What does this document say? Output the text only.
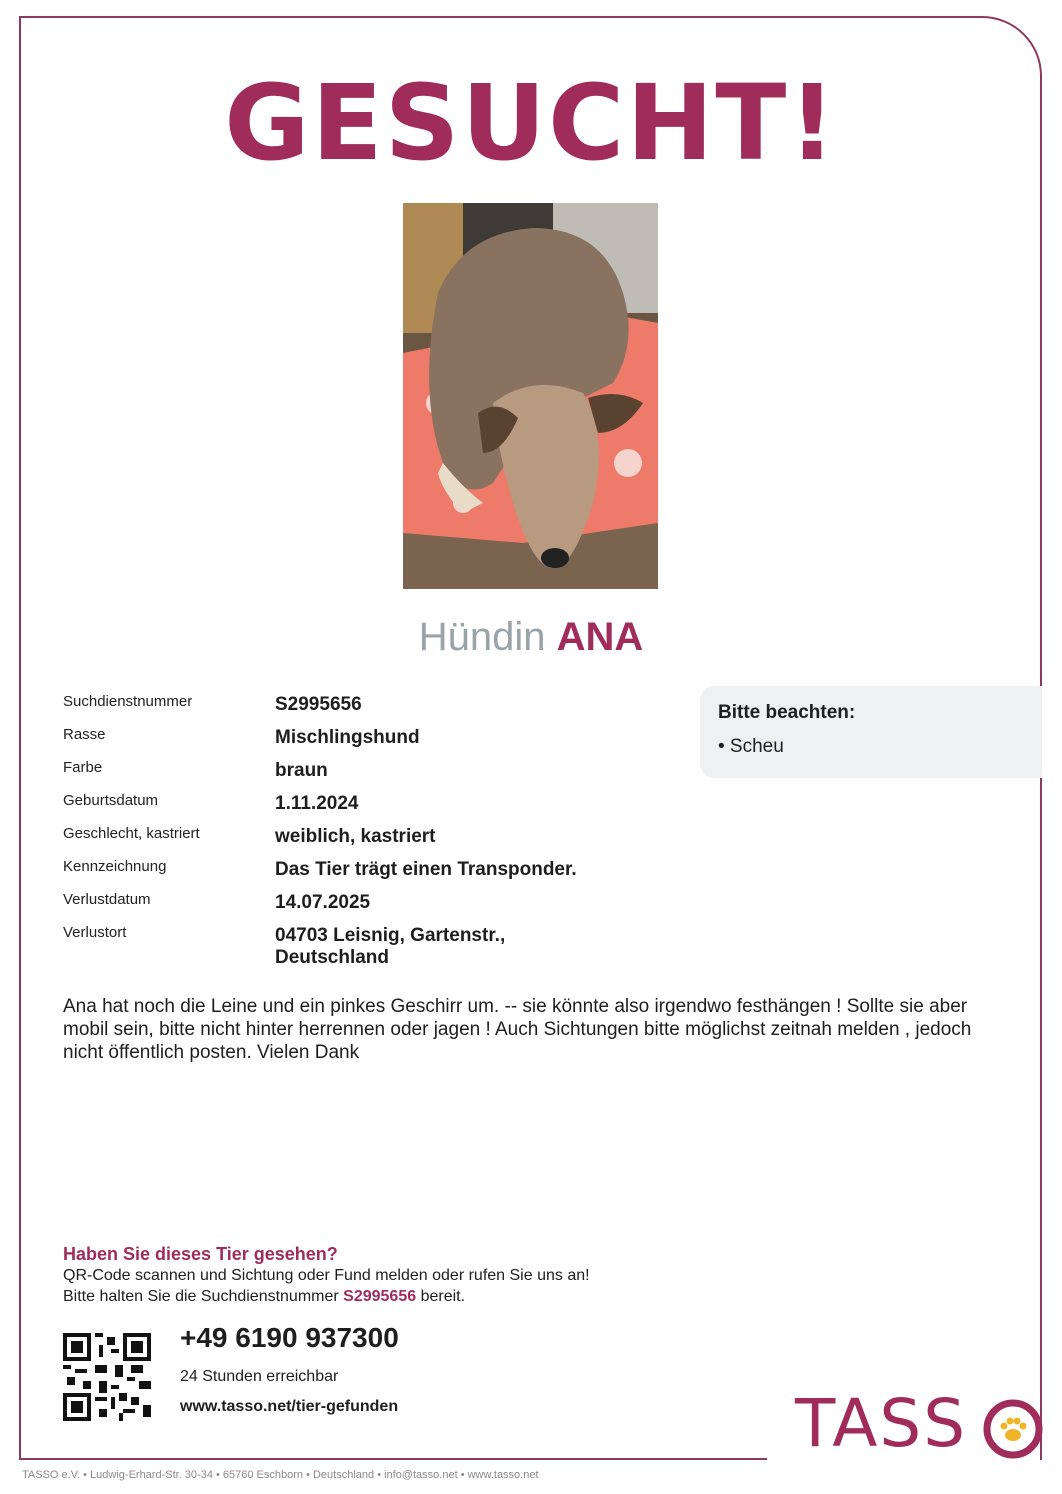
GESUCHT!
Hündin ANA
Suchdienstnummer	S2995656
Rasse	Mischlingshund
Farbe	braun
Geburtsdatum	1.11.2024
Geschlecht, kastriert	weiblich, kastriert
Kennzeichnung	Das Tier trägt einen Transponder.
Verlustdatum	14.07.2025
Verlustort	04703 Leisnig, Gartenstr., Deutschland
Bitte beachten:
• Scheu
Ana hat noch die Leine und ein pinkes Geschirr um. -- sie könnte also irgendwo festhängen ! Sollte sie aber mobil sein, bitte nicht hinter herrennen oder jagen ! Auch Sichtungen bitte möglichst zeitnah melden , jedoch nicht öffentlich posten. Vielen Dank
Haben Sie dieses Tier gesehen?
QR-Code scannen und Sichtung oder Fund melden oder rufen Sie uns an!
Bitte halten Sie die Suchdienstnummer S2995656 bereit.
+49 6190 937300
24 Stunden erreichbar
www.tasso.net/tier-gefunden	TASS
TASSO e.V. • Ludwig-Erhard-Str. 30-34 • 65760 Eschborn • Deutschland • info@tasso.net • www.tasso.net
